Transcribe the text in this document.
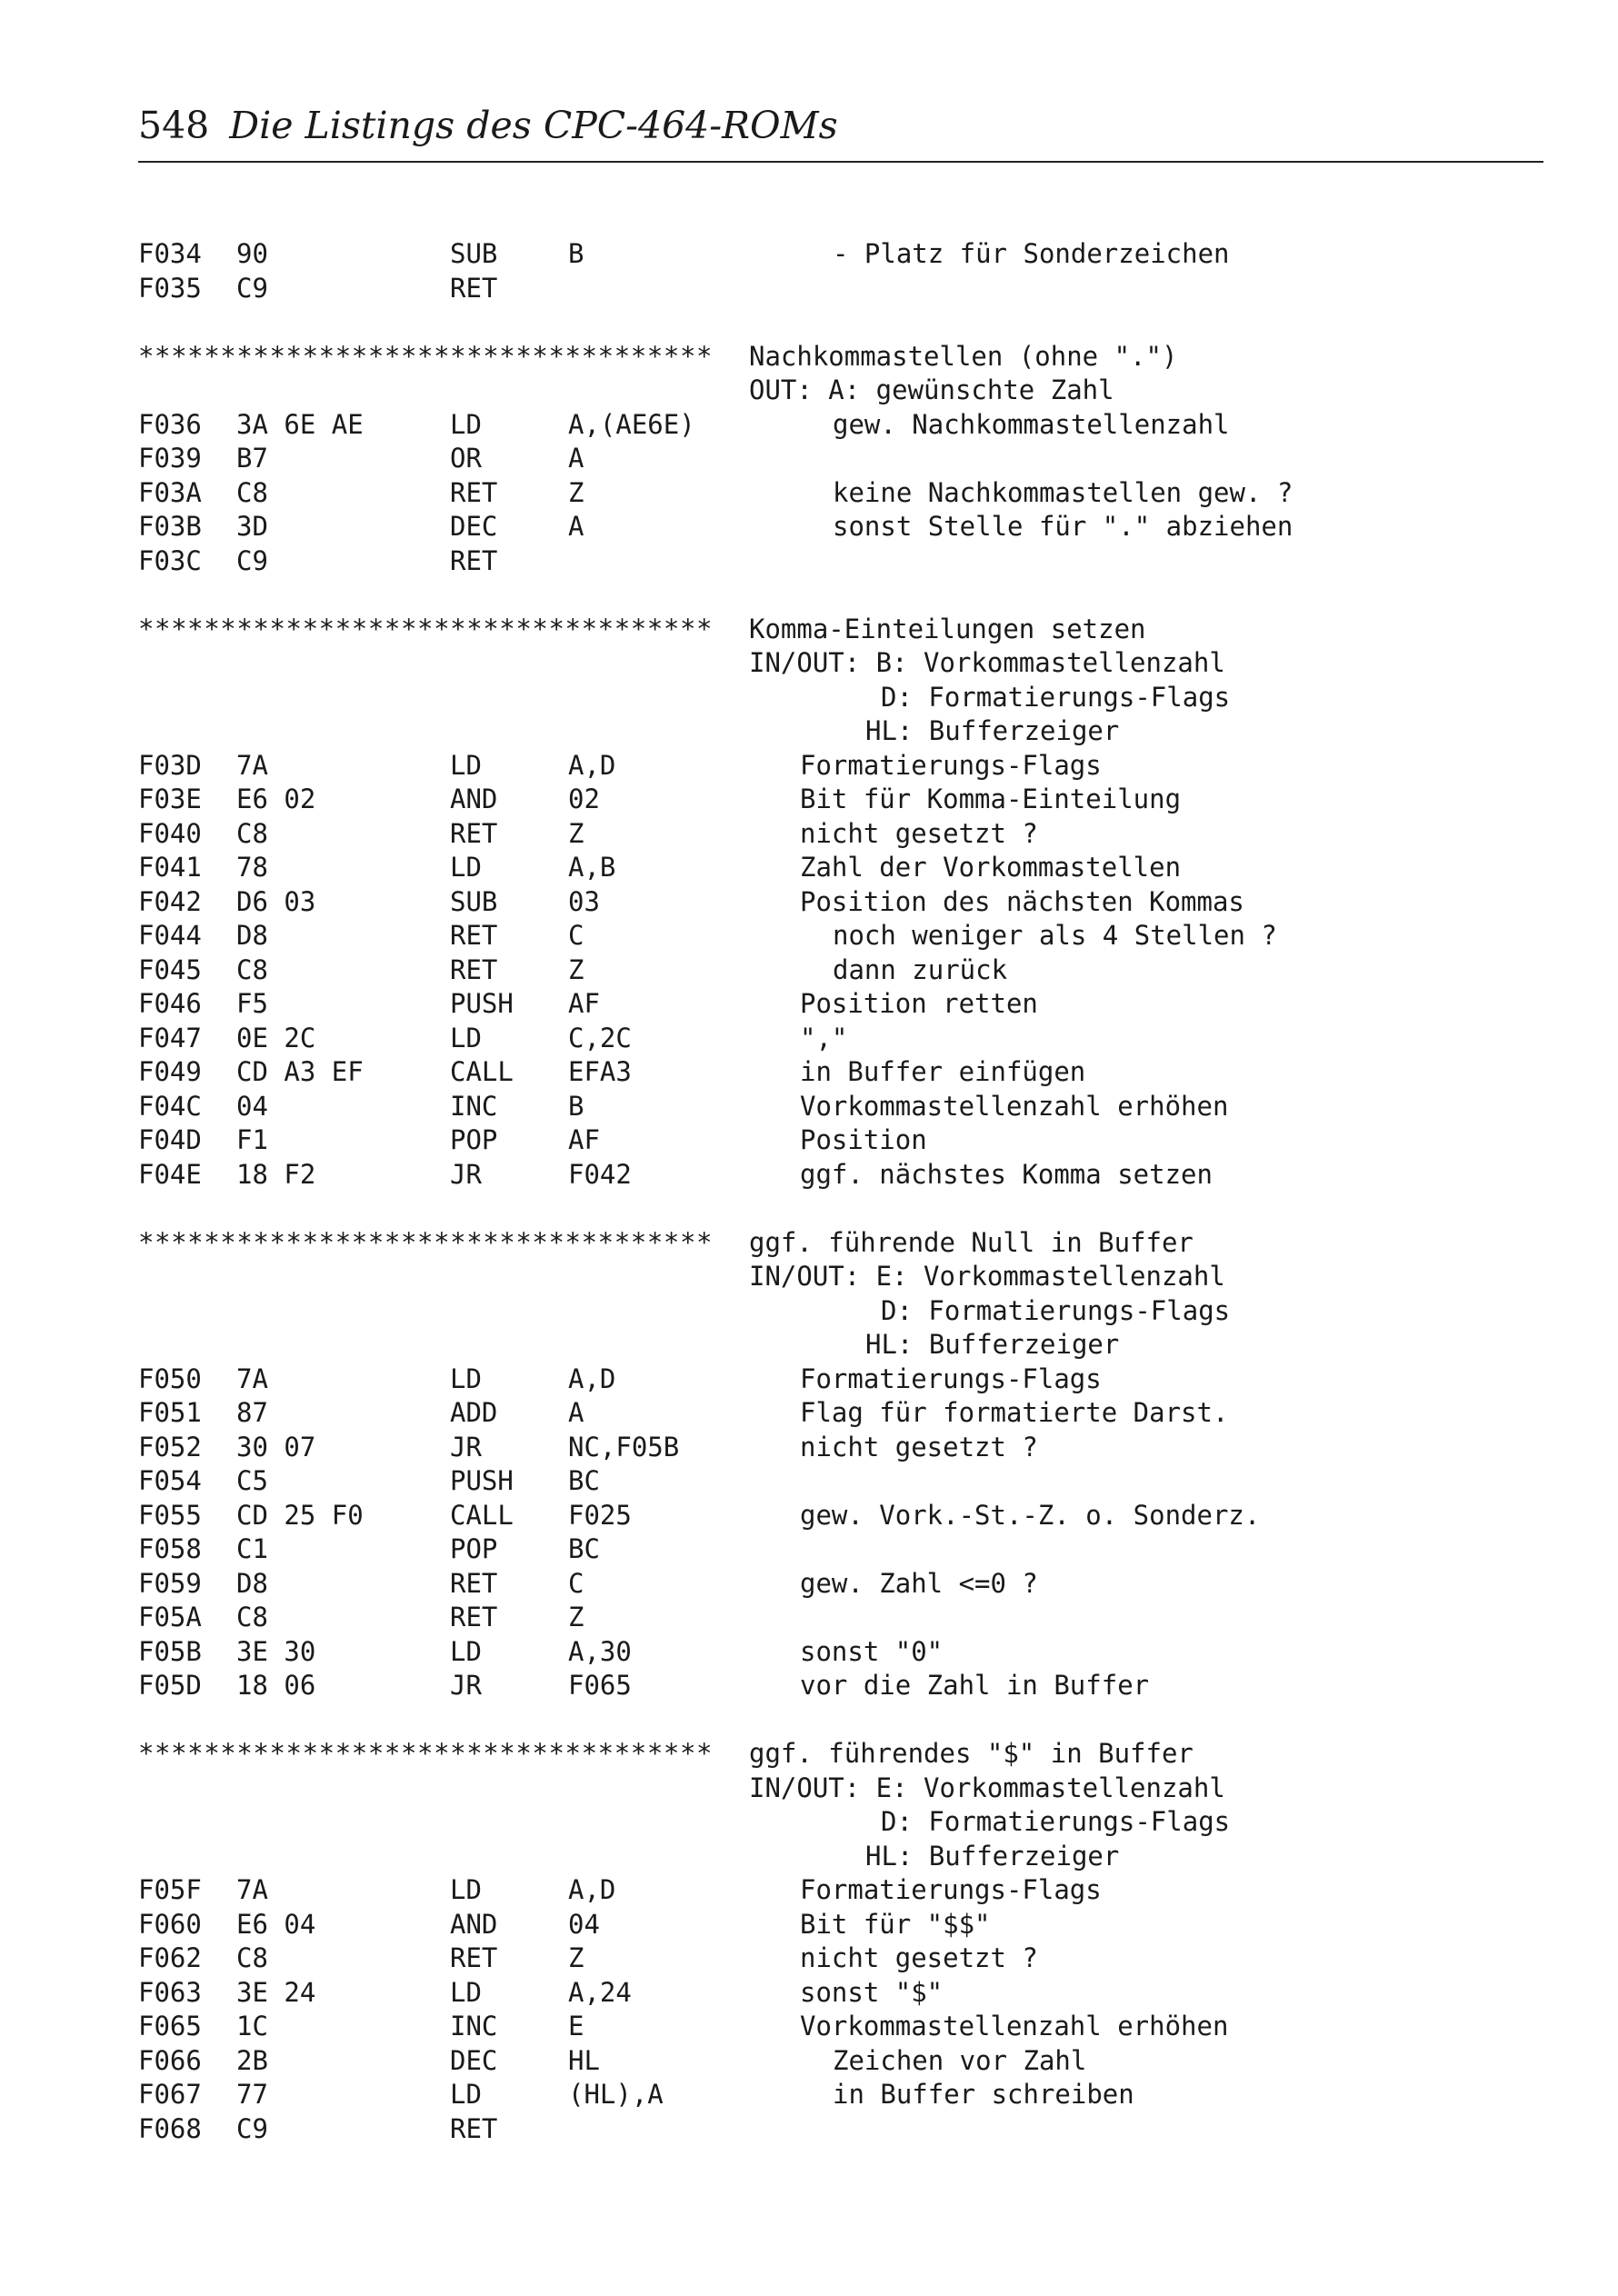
548 Die Listings des CPC-464-ROMs
F034 90	SUB	B	- Platz für Sonderzeichen
F035 C9	RET
*********************************** Nachkommastellen (ohne ".")
OUT: A: gewünschte Zahl
F036 3A 6E AE	LD	A,(AE6E)	gew. Nachkommastellenzahl
F039 B7	OR	A
F03A C8	RET	Z	keine Nachkommastellen gew. ?
F03B 3D	DEC	A	sonst Stelle für "." abziehen
F03C C9	RET
*********************************** Komma-Einteilungen setzen
IN/OUT: B: Vorkommastellenzahl
D: Formatierungs-Flags
HL: Bufferzeiger
F03D 7A	LD	A,D	Formatierungs-Flags
F03E E6 02	AND	02	Bit für Komma-Einteilung
F040 C8	RET	Z	nicht gesetzt ?
F041 78	LD	A,B	Zahl der Vorkommastellen
F042 D6 03	SUB	03	Position des nächsten Kommas
F044 D8	RET	C	noch weniger als 4 Stellen ?
F045 C8	RET	Z	dann zurück
F046 F5	PUSH AF	Position retten
F047 0E 2C	LD	C,2C	","
F049 CD A3 EF	CALL EFA3	in Buffer einfügen
F04C 04	INC	B	Vorkommastellenzahl erhöhen
F04D F1	POP	AF	Position
F04E 18 F2	JR	F042	ggf. nächstes Komma setzen
*********************************** ggf. führende Null in Buffer
IN/OUT: E: Vorkommastellenzahl
D: Formatierungs-Flags
HL: Bufferzeiger
F050 7A	LD	A,D	Formatierungs-Flags
F051 87	ADD	A	Flag für formatierte Darst.
F052 30 07	JR	NC,F05B	nicht gesetzt ?
F054 C5	PUSH BC
F055 CD 25 F0	CALL F025	gew. Vork.-St.-Z. o. Sonderz.
F058 C1	POP	BC
F059 D8	RET	C	gew. Zahl <=0 ?
F05A C8	RET	Z
F05B 3E 30	LD	A,30	sonst "0"
F05D 18 06	JR	F065	vor die Zahl in Buffer
*********************************** ggf. führendes "$" in Buffer
IN/OUT: E: Vorkommastellenzahl
D: Formatierungs-Flags
HL: Bufferzeiger
F05F 7A	LD	A,D	Formatierungs-Flags
F060 E6 04	AND	04	Bit für "$$"
F062 C8	RET	Z	nicht gesetzt ?
F063 3E 24	LD	A,24	sonst "$"
F065 1C	INC	E	Vorkommastellenzahl erhöhen
F066 2B	DEC	HL	Zeichen vor Zahl
F067 77	LD	(HL),A	in Buffer schreiben
F068 C9	RET
